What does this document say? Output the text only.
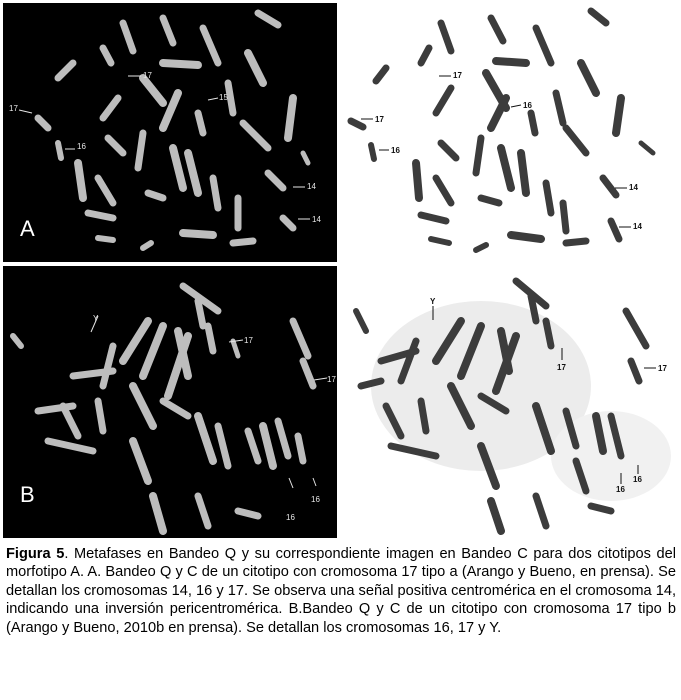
17
17
15
16
14
14
A
17
17
16
16
14
14
Y
17
17
16
16
B
Y
17	17
16
16
Figura 5. Metafases en Bandeo Q y su correspondiente imagen en Bandeo C para dos citotipos del morfotipo A. A. Bandeo Q y C de un citotipo con cromosoma 17 tipo a (Arango y Bueno, en prensa). Se detallan los cromosomas 14, 16 y 17. Se observa una señal positiva centromérica en el cromosoma 14, indicando una inversión pericentromérica. B.Bandeo Q y C de un citotipo con cromosoma 17 tipo b (Arango y Bueno, 2010b en prensa). Se detallan los cromosomas 16, 17 y Y.
